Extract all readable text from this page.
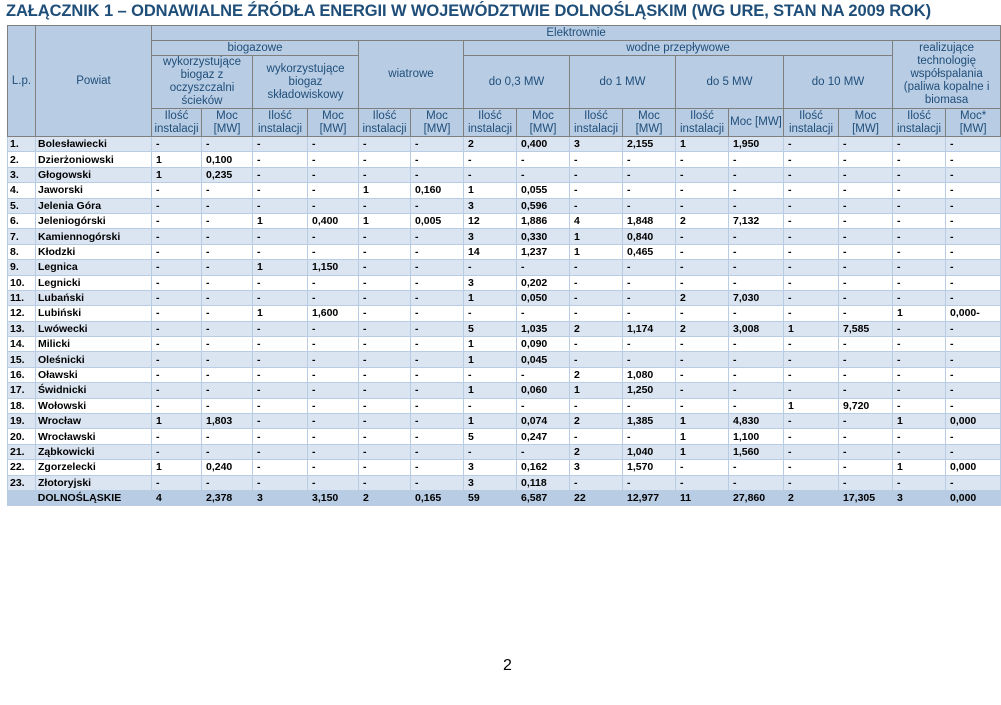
ZAŁĄCZNIK 1 – ODNAWIALNE ŹRÓDŁA ENERGII W WOJEWÓDZTWIE DOLNOŚLĄSKIM (WG URE, STAN NA 2009 ROK)
L.p.	Powiat	Elektrownie															
		biogazowe				wiatrowe		wodne przepływowe								realizujące technologię współspalania (paliwa kopalne i biomasa	
		wykorzystujące biogaz z oczyszczalni ścieków		wykorzystujące biogaz składowiskowy				do 0,3 MW		do 1 MW		do 5 MW		do 10 MW			
		Ilość instalacji	Moc [MW]	Ilość instalacji	Moc [MW]	Ilość instalacji	Moc [MW]	Ilość instalacji	Moc [MW]	Ilość instalacji	Moc [MW]	Ilość instalacji	Moc [MW]	Ilość instalacji	Moc [MW]	Ilość instalacji	Moc* [MW]
1.	Bolesławiecki	-	-	-	-	-	-	2	0,400	3	2,155	1	1,950	-	-	-	-
2.	Dzierżoniowski	1	0,100	-	-	-	-	-	-	-	-	-	-	-	-	-	-
3.	Głogowski	1	0,235	-	-	-	-	-	-	-	-	-	-	-	-	-	-
4.	Jaworski	-	-	-	-	1	0,160	1	0,055	-	-	-	-	-	-	-	-
5.	Jelenia Góra	-	-	-	-	-	-	3	0,596	-	-	-	-	-	-	-	-
6.	Jeleniogórski	-	-	1	0,400	1	0,005	12	1,886	4	1,848	2	7,132	-	-	-	-
7.	Kamiennogórski	-	-	-	-	-	-	3	0,330	1	0,840	-	-	-	-	-	-
8.	Kłodzki	-	-	-	-	-	-	14	1,237	1	0,465	-	-	-	-	-	-
9.	Legnica	-	-	1	1,150	-	-	-	-	-	-	-	-	-	-	-	-
10.	Legnicki	-	-	-	-	-	-	3	0,202	-	-	-	-	-	-	-	-
11.	Lubański	-	-	-	-	-	-	1	0,050	-	-	2	7,030	-	-	-	-
12.	Lubiński	-	-	1	1,600	-	-	-	-	-	-	-	-	-	-	1	0,000-
13.	Lwówecki	-	-	-	-	-	-	5	1,035	2	1,174	2	3,008	1	7,585	-	-
14.	Milicki	-	-	-	-	-	-	1	0,090	-	-	-	-	-	-	-	-
15.	Oleśnicki	-	-	-	-	-	-	1	0,045	-	-	-	-	-	-	-	-
16.	Oławski	-	-	-	-	-	-	-	-	2	1,080	-	-	-	-	-	-
17.	Świdnicki	-	-	-	-	-	-	1	0,060	1	1,250	-	-	-	-	-	-
18.	Wołowski	-	-	-	-	-	-	-	-	-	-	-	-	1	9,720	-	-
19.	Wrocław	1	1,803	-	-	-	-	1	0,074	2	1,385	1	4,830	-	-	1	0,000
20.	Wrocławski	-	-	-	-	-	-	5	0,247	-	-	1	1,100	-	-	-	-
21.	Ząbkowicki	-	-	-	-	-	-	-	-	2	1,040	1	1,560	-	-	-	-
22.	Zgorzelecki	1	0,240	-	-	-	-	3	0,162	3	1,570	-	-	-	-	1	0,000
23.	Złotoryjski	-	-	-	-	-	-	3	0,118	-	-	-	-	-	-	-	-
DOLNOŚLĄSKIE		4	2,378	3	3,150	2	0,165	59	6,587	22	12,977	11	27,860	2	17,305	3	0,000
2
